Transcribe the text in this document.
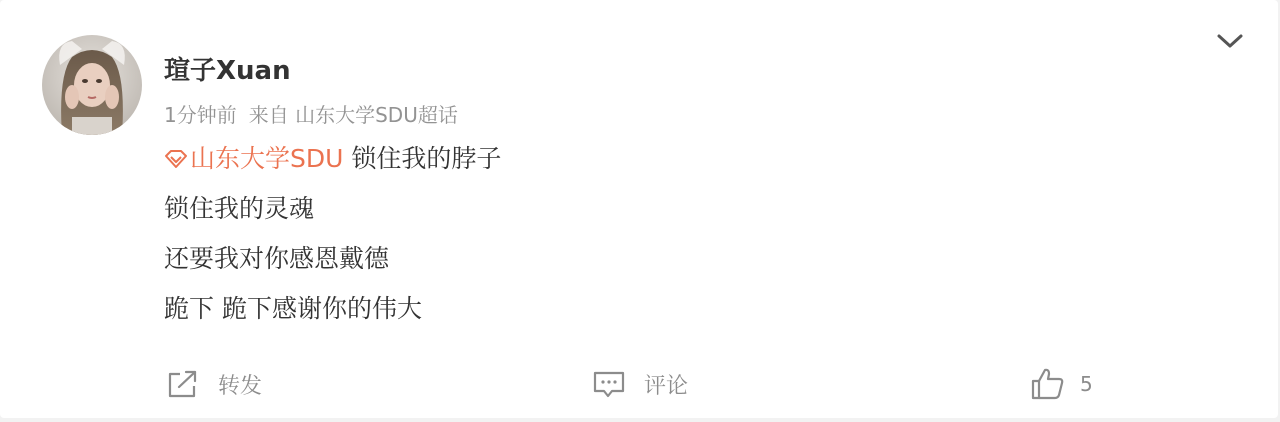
瑄子Xuan
1分钟前 来自 山东大学SDU超话
山东大学SDU 锁住我的脖子
锁住我的灵魂
还要我对你感恩戴德
跪下 跪下感谢你的伟大
转发	评论	5
